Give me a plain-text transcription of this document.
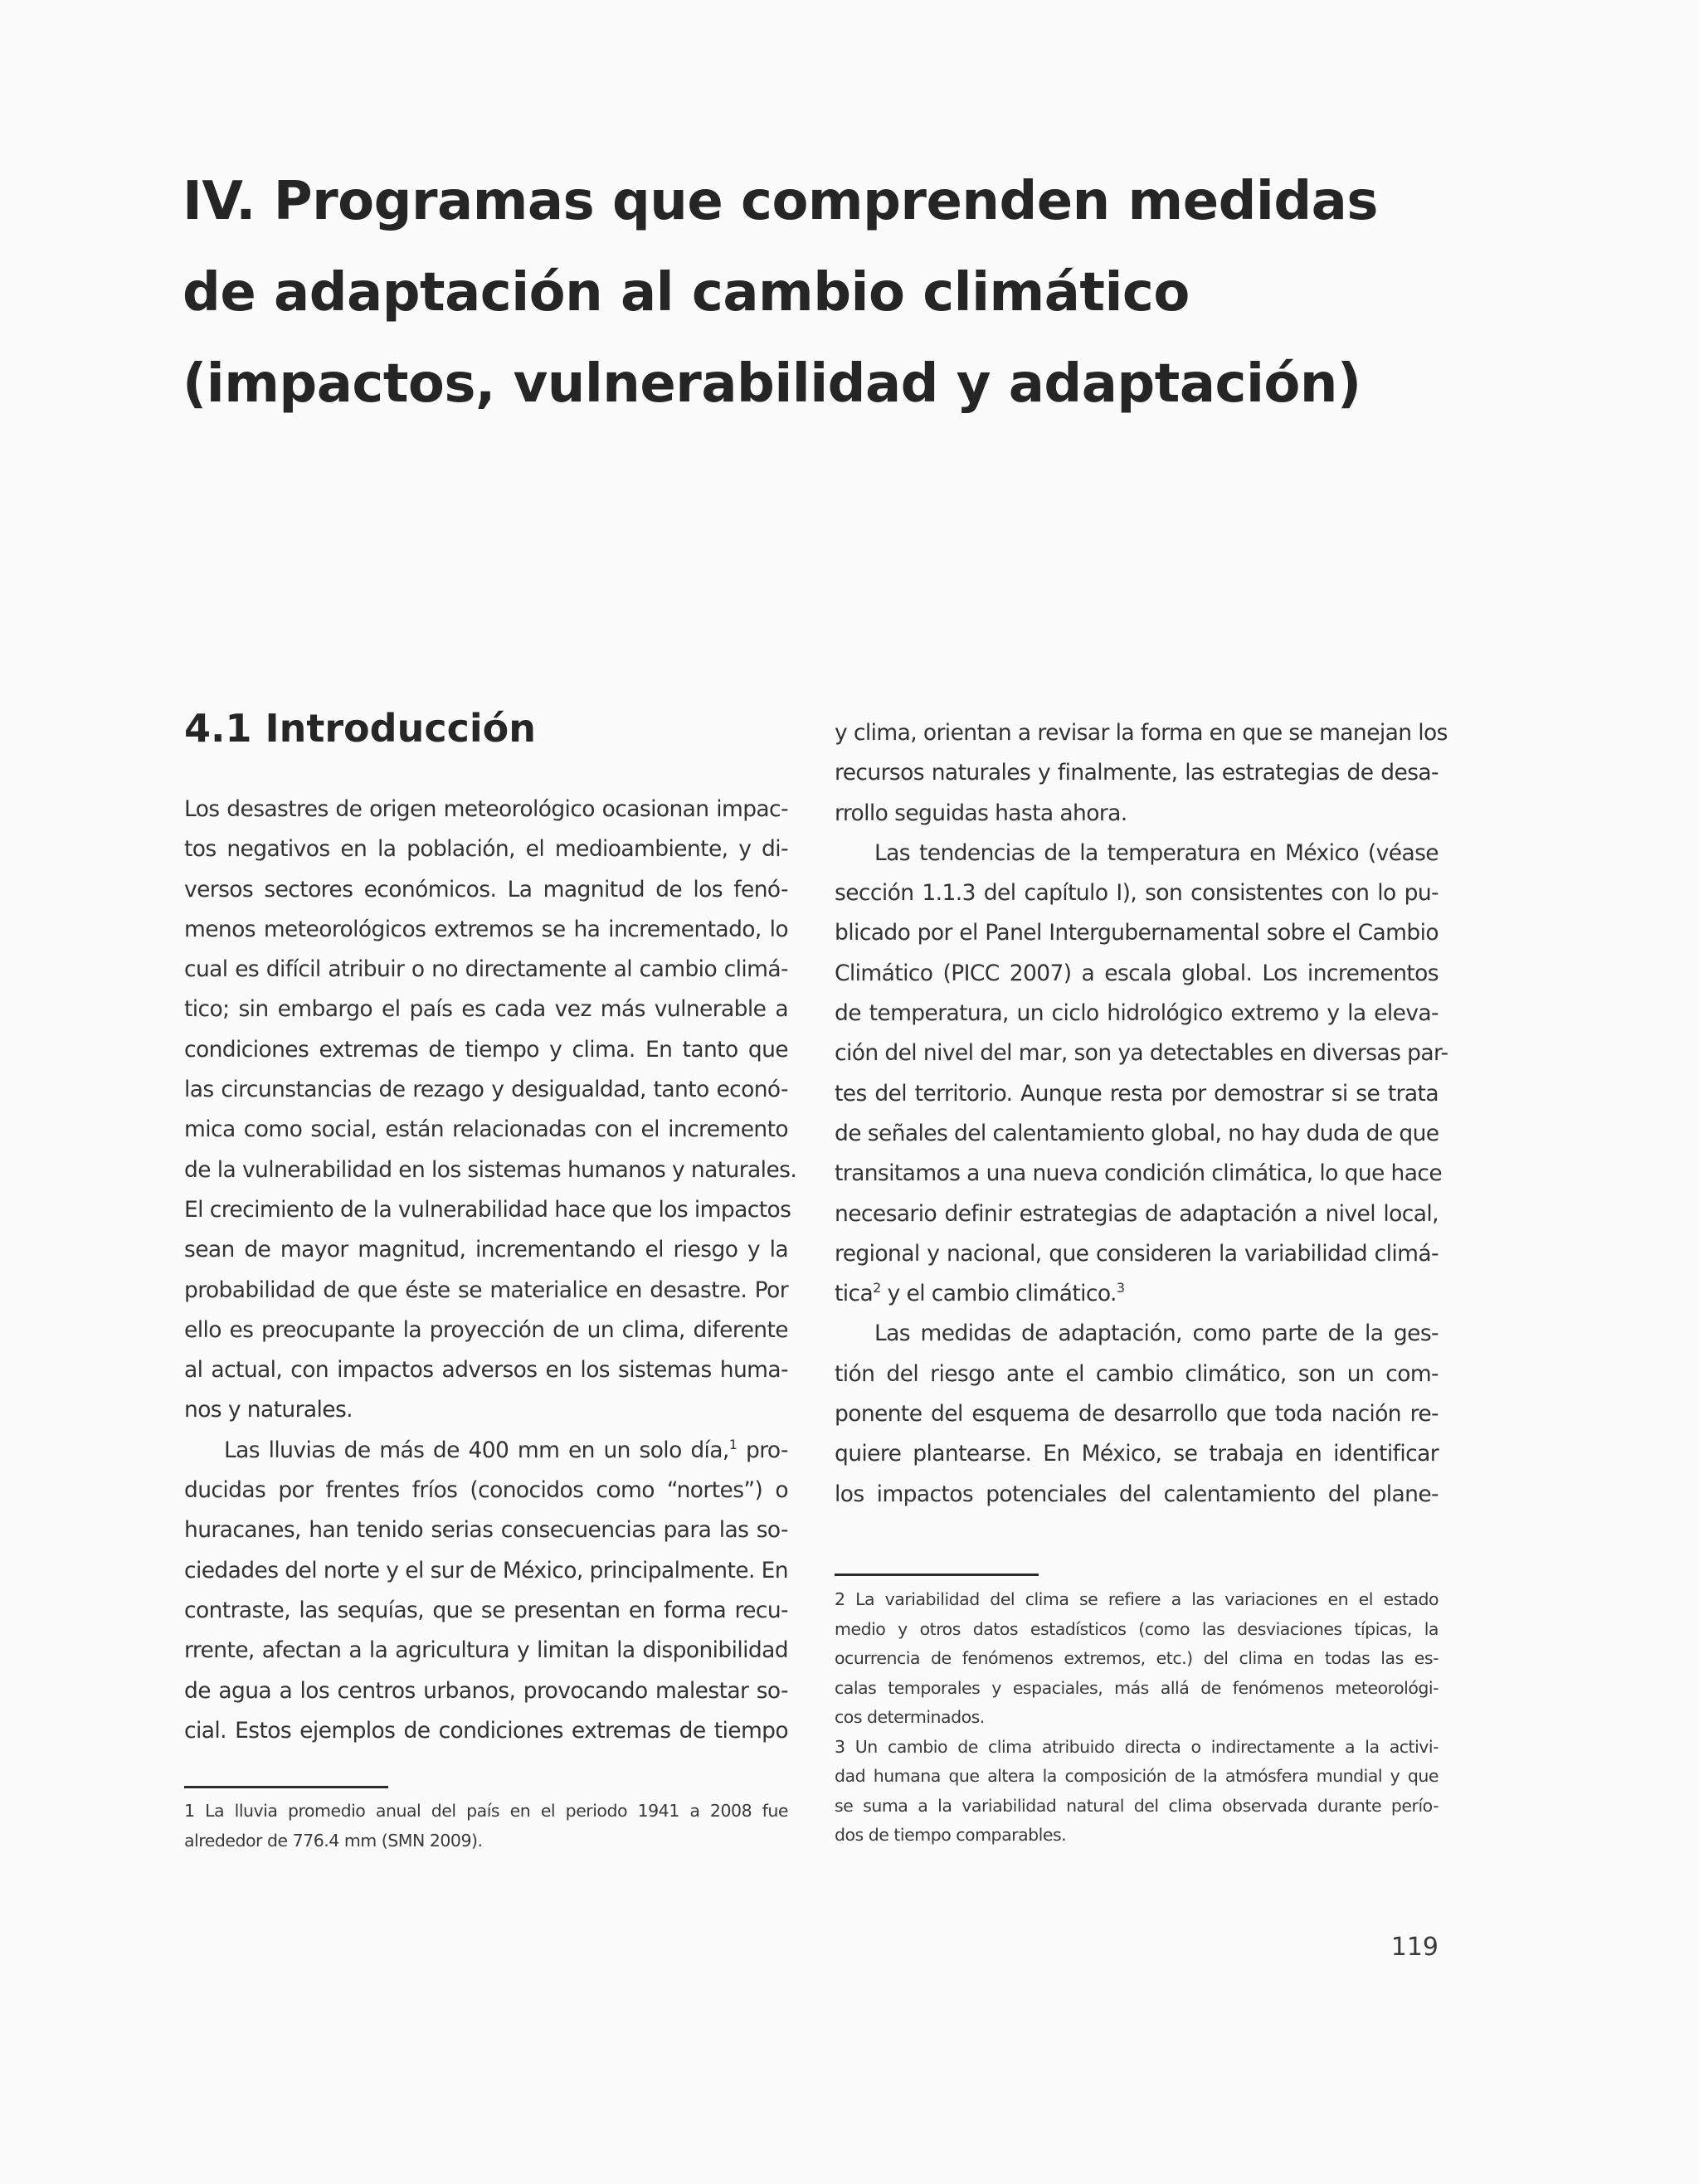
IV. Programas que comprenden medidas
de adaptación al cambio climático
(impactos, vulnerabilidad y adaptación)
4.1 Introducción
Los desastres de origen meteorológico ocasionan impac-
tos negativos en la población, el medioambiente, y di-
versos sectores económicos. La magnitud de los fenó-
menos meteorológicos extremos se ha incrementado, lo
cual es difícil atribuir o no directamente al cambio climá-
tico; sin embargo el país es cada vez más vulnerable a
condiciones extremas de tiempo y clima. En tanto que
las circunstancias de rezago y desigualdad, tanto econó-
mica como social, están relacionadas con el incremento
de la vulnerabilidad en los sistemas humanos y naturales.
El crecimiento de la vulnerabilidad hace que los impactos
sean de mayor magnitud, incrementando el riesgo y la
probabilidad de que éste se materialice en desastre. Por
ello es preocupante la proyección de un clima, diferente
al actual, con impactos adversos en los sistemas huma-
nos y naturales.
Las lluvias de más de 400 mm en un solo día,$^1$ pro-
ducidas por frentes fríos (conocidos como “nortes”) o
huracanes, han tenido serias consecuencias para las so-
ciedades del norte y el sur de México, principalmente. En
contraste, las sequías, que se presentan en forma recu-
rrente, afectan a la agricultura y limitan la disponibilidad
de agua a los centros urbanos, provocando malestar so-
cial. Estos ejemplos de condiciones extremas de tiempo
y clima, orientan a revisar la forma en que se manejan los
recursos naturales y finalmente, las estrategias de desa-
rrollo seguidas hasta ahora.
Las tendencias de la temperatura en México (véase
sección 1.1.3 del capítulo I), son consistentes con lo pu-
blicado por el Panel Intergubernamental sobre el Cambio
Climático (PICC 2007) a escala global. Los incrementos
de temperatura, un ciclo hidrológico extremo y la eleva-
ción del nivel del mar, son ya detectables en diversas par-
tes del territorio. Aunque resta por demostrar si se trata
de señales del calentamiento global, no hay duda de que
transitamos a una nueva condición climática, lo que hace
necesario definir estrategias de adaptación a nivel local,
regional y nacional, que consideren la variabilidad climá-
tica$^2$ y el cambio climático.$^3$
Las medidas de adaptación, como parte de la ges-
tión del riesgo ante el cambio climático, son un com-
ponente del esquema de desarrollo que toda nación re-
quiere plantearse. En México, se trabaja en identificar
los impactos potenciales del calentamiento del plane-
1 La lluvia promedio anual del país en el periodo 1941 a 2008 fue
alrededor de 776.4 mm (SMN 2009).
2 La variabilidad del clima se refiere a las variaciones en el estado
medio y otros datos estadísticos (como las desviaciones típicas, la
ocurrencia de fenómenos extremos, etc.) del clima en todas las es-
calas temporales y espaciales, más allá de fenómenos meteorológi-
cos determinados.
3 Un cambio de clima atribuido directa o indirectamente a la activi-
dad humana que altera la composición de la atmósfera mundial y que
se suma a la variabilidad natural del clima observada durante perío-
dos de tiempo comparables.
119
